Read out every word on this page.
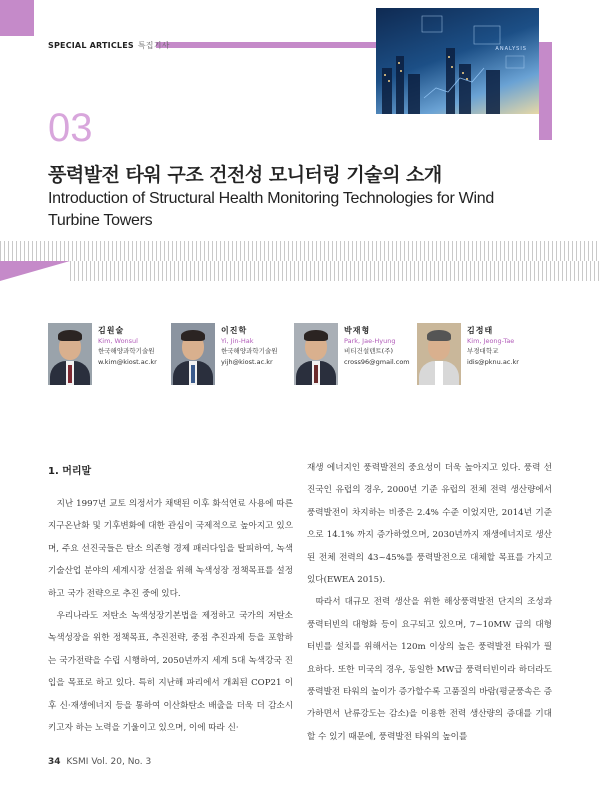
SPECIAL ARTICLES 특집기사	ANALYSIS
03
풍력발전 타워 구조 건전성 모니터링 기술의 소개
Introduction of Structural Health Monitoring Technologies for Wind Turbine Towers
김원술
Kim, Wonsul
한국해양과학기술원
w.kim@kiost.ac.kr
이진학
Yi, Jin-Hak
한국해양과학기술원
yijh@kiost.ac.kr
박재형
Park, Jae-Hyung
비티건설텐트(주)
cross96@gmail.com
김정태
Kim, Jeong-Tae
부경대학교
idis@pknu.ac.kr
1. 머리말

지난 1997년 교토 의정서가 채택된 이후 화석연료 사용에 따른 지구온난화 및 기후변화에 대한 관심이 국제적으로 높아지고 있으며, 주요 선진국들은 탄소 의존형 경제 패러다임을 탈피하여, 녹색기술산업 분야의 세계시장 선점을 위해 녹색성장 정책목표를 설정하고 국가 전략으로 추진 중에 있다.

우리나라도 저탄소 녹색성장기본법을 제정하고 국가의 저탄소 녹색성장을 위한 정책목표, 추진전략, 중점 추진과제 등을 포함하는 국가전략을 수립 시행하여, 2050년까지 세계 5대 녹색강국 진입을 목표로 하고 있다. 특히 지난해 파리에서 개최된 COP21 이후 신·재생에너지 등을 통하여 이산화탄소 배출을 더욱 더 감소시키고자 하는 노력을 기울이고 있으며, 이에 따라 신·

재생 에너지인 풍력발전의 중요성이 더욱 높아지고 있다. 풍력 선진국인 유럽의 경우, 2000년 기준 유럽의 전체 전력 생산량에서 풍력발전이 차지하는 비중은 2.4% 수준 이었지만, 2014년 기준으로 14.1% 까지 증가하였으며, 2030년까지 재생에너지로 생산된 전체 전력의 43~45%를 풍력발전으로 대체할 목표를 가지고 있다(EWEA 2015).

따라서 대규모 전력 생산을 위한 해상풍력발전 단지의 조성과 풍력터빈의 대형화 등이 요구되고 있으며, 7~10MW 급의 대형 터빈를 설치를 위해서는 120m 이상의 높은 풍력발전 타워가 필요하다. 또한 미국의 경우, 동일한 MW급 풍력터빈이라 하더라도 풍력발전 타워의 높이가 증가할수록 고품질의 바람(평균풍속은 증가하면서 난류강도는 감소)을 이용한 전력 생산량의 증대를 기대할 수 있기 때문에, 풍력발전 타워의 높이를

34 KSMI Vol. 20, No. 3
